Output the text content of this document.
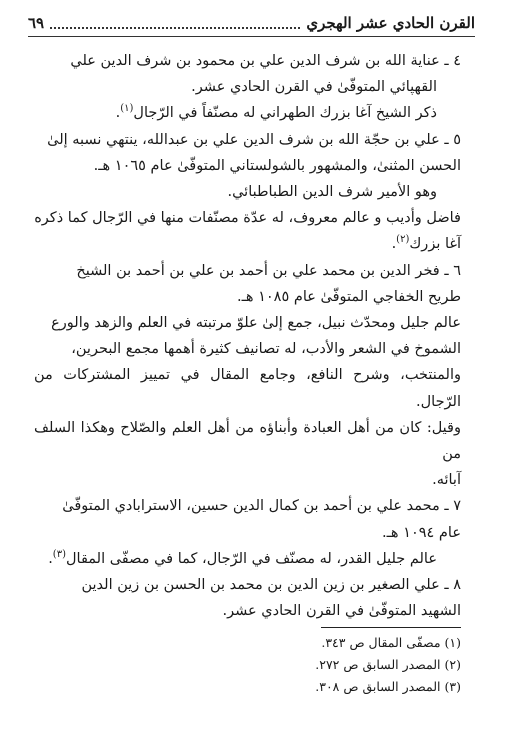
القرن الحادي عشر الهجري
٦٩

٤ ـ عناية الله بن شرف الدين علي بن محمود بن شرف الدين علي

القهپائي المتوفّیٰ في القرن الحادي عشر.

ذكر الشيخ آغا بزرك الطهراني له مصنّفاً في الرّجال$^{(١)}$.

٥ ـ علي بن حجّة الله بن شرف الدين علي بن عبدالله، ينتهي نسبه إلىٰ

الحسن المثنیٰ، والمشهور بالشولستاني المتوفّیٰ عام ١٠٦٥ هـ.

وهو الأمير شرف الدين الطباطبائي.

فاضل وأديب و عالم معروف، له عدّة مصنّفات منها في الرّجال كما ذكره

آغا بزرك$^{(٢)}$.

٦ ـ فخر الدين بن محمد علي بن أحمد بن علي بن أحمد بن الشيخ

طريح الخفاجي المتوفّیٰ عام ١٠٨٥ هـ.

عالم جليل ومحدّث نبيل، جمع إلىٰ علوّ مرتبته في العلم والزهد والورع

الشموخ في الشعر والأدب، له تصانيف كثيرة أهمها مجمع البحرين،

والمنتخب، وشرح النافع، وجامع المقال في تمييز المشتركات من الرّجال.

وقيل: كان من أهل العبادة وأبناؤه من أهل العلم والصّلاح وهكذا السلف من

آبائه.

٧ ـ محمد علي بن أحمد بن كمال الدين حسين، الاسترابادي المتوفّیٰ

عام ١٠٩٤ هـ.

عالم جليل القدر، له مصنّف في الرّجال، كما في مصفّى المقال$^{(٣)}$.

٨ ـ علي الصغير بن زين الدين بن محمد بن الحسن بن زين الدين

الشهيد المتوفّیٰ في القرن الحادي عشر.

(١) مصفّى المقال ص ٣٤٣.
(٢) المصدر السابق ص ٢٧٢.
(٣) المصدر السابق ص ٣٠٨.
